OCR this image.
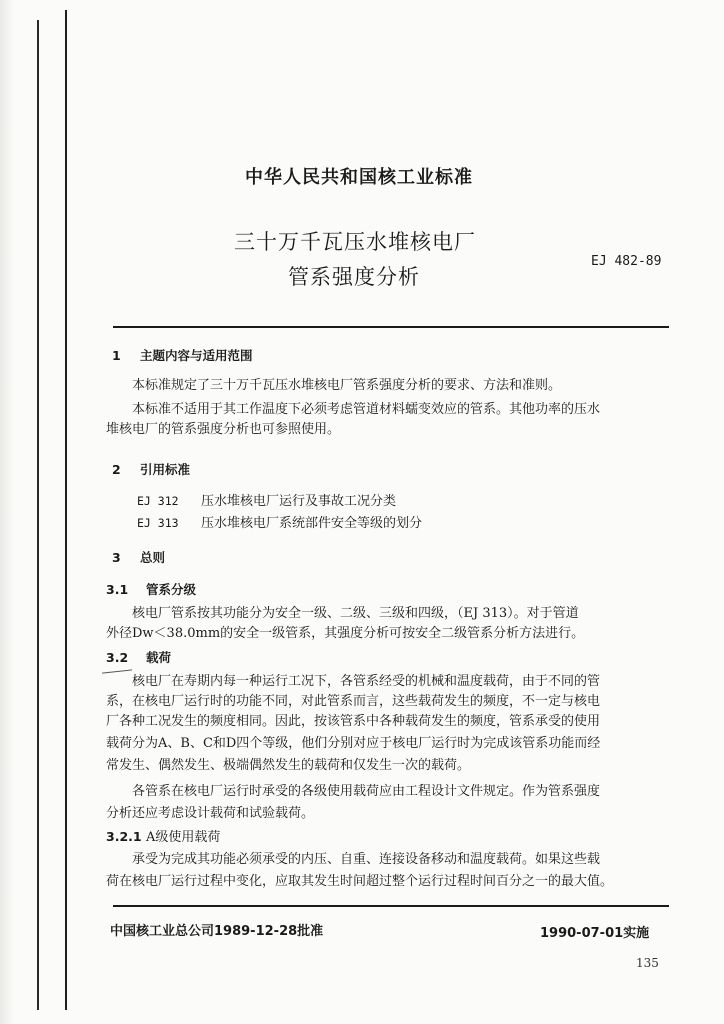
中华人民共和国核工业标准
三十万千瓦压水堆核电厂
管系强度分析
EJ 482-89
1 主题内容与适用范围
本标准规定了三十万千瓦压水堆核电厂管系强度分析的要求、方法和准则。
本标准不适用于其工作温度下必须考虑管道材料蠕变效应的管系。其他功率的压水
堆核电厂的管系强度分析也可参照使用。
2 引用标准
EJ 312 压水堆核电厂运行及事故工况分类
EJ 313 压水堆核电厂系统部件安全等级的划分
3 总则
3.1 管系分级
核电厂管系按其功能分为安全一级、二级、三级和四级，（EJ 313）。对于管道
外径Dw＜38.0mm的安全一级管系，其强度分析可按安全二级管系分析方法进行。
3.2 载荷
核电厂在寿期内每一种运行工况下，各管系经受的机械和温度载荷，由于不同的管
系，在核电厂运行时的功能不同，对此管系而言，这些载荷发生的频度，不一定与核电
厂各种工况发生的频度相同。因此，按该管系中各种载荷发生的频度，管系承受的使用
载荷分为A、B、C和D四个等级，他们分别对应于核电厂运行时为完成该管系功能而经
常发生、偶然发生、极端偶然发生的载荷和仅发生一次的载荷。
各管系在核电厂运行时承受的各级使用载荷应由工程设计文件规定。作为管系强度
分析还应考虑设计载荷和试验载荷。
3.2.1 A级使用载荷
承受为完成其功能必须承受的内压、自重、连接设备移动和温度载荷。如果这些载
荷在核电厂运行过程中变化，应取其发生时间超过整个运行过程时间百分之一的最大值。
中国核工业总公司1989-12-28批准	1990-07-01实施
135
